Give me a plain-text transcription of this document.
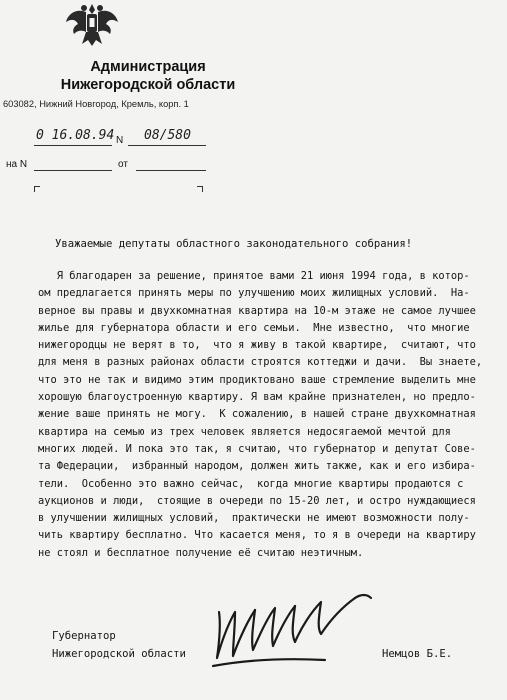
Администрация
Нижегородской области
603082, Нижний Новгород, Кремль, корп. 1
0 16.08.94 N 08/580
на N	от
Уважаемые депутаты областного законодательного собрания!
Я благодарен за решение, принятое вами 21 июня 1994 года, в котор-
ом предлагается принять меры по улучшению моих жилищных условий.  На-
верное вы правы и двухкомнатная квартира на 10-м этаже не самое лучшее
жилье для губернатора области и его семьи.  Мне известно,  что многие
нижегородцы не верят в то,  что я живу в такой квартире,  считают, что
для меня в разных районах области строятся коттеджи и дачи.  Вы знаете,
что это не так и видимо этим продиктовано ваше стремление выделить мне
хорошую благоустроенную квартиру. Я вам крайне признателен, но предло-
жение ваше принять не могу.  К сожалению, в нашей стране двухкомнатная
квартира на семью из трех человек является недосягаемой мечтой для
многих людей. И пока это так, я считаю, что губернатор и депутат Сове-
та Федерации,  избранный народом, должен жить также, как и его избира-
тели.  Особенно это важно сейчас,  когда многие квартиры продаются с
аукционов и люди,  стоящие в очереди по 15-20 лет, и остро нуждающиеся
в улучшении жилищных условий,  практически не имеют возможности полу-
чить квартиру бесплатно. Что касается меня, то я в очереди на квартиру
не стоял и бесплатное получение её считаю неэтичным.
Губернатор
Нижегородской области	Немцов Б.Е.
